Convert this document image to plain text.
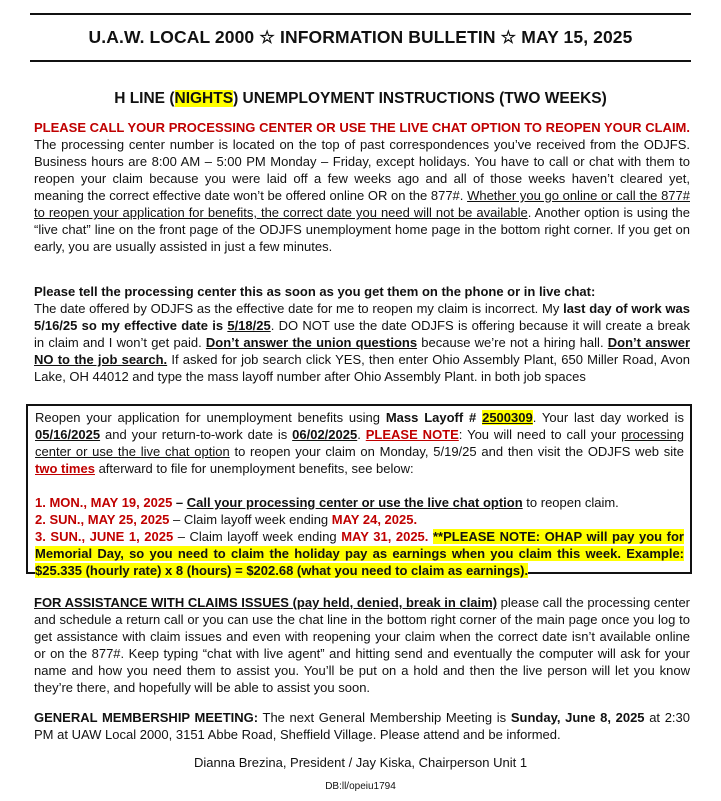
U.A.W. LOCAL 2000 ☆ INFORMATION BULLETIN ☆ MAY 15, 2025
H LINE (NIGHTS) UNEMPLOYMENT INSTRUCTIONS (TWO WEEKS)

PLEASE CALL YOUR PROCESSING CENTER OR USE THE LIVE CHAT OPTION TO REOPEN YOUR CLAIM. The processing center number is located on the top of past correspondences you’ve received from the ODJFS. Business hours are 8:00 AM – 5:00 PM Monday – Friday, except holidays. You have to call or chat with them to reopen your claim because you were laid off a few weeks ago and all of those weeks haven’t cleared yet, meaning the correct effective date won’t be offered online OR on the 877#. Whether you go online or call the 877# to reopen your application for benefits, the correct date you need will not be available. Another option is using the “live chat” line on the front page of the ODJFS unemployment home page in the bottom right corner. If you get on early, you are usually assisted in just a few minutes.

Please tell the processing center this as soon as you get them on the phone or in live chat:
The date offered by ODJFS as the effective date for me to reopen my claim is incorrect. My last day of work was 5/16/25 so my effective date is 5/18/25. DO NOT use the date ODJFS is offering because it will create a break in claim and I won’t get paid. Don’t answer the union questions because we’re not a hiring hall. Don’t answer NO to the job search. If asked for job search click YES, then enter Ohio Assembly Plant, 650 Miller Road, Avon Lake, OH 44012 and type the mass layoff number after Ohio Assembly Plant. in both job spaces

Reopen your application for unemployment benefits using Mass Layoff # 2500309. Your last day worked is 05/16/2025 and your return-to-work date is 06/02/2025. PLEASE NOTE: You will need to call your processing center or use the live chat option to reopen your claim on Monday, 5/19/25 and then visit the ODJFS web site two times afterward to file for unemployment benefits, see below:

1. MON., MAY 19, 2025 – Call your processing center or use the live chat option to reopen claim.

2. SUN., MAY 25, 2025 – Claim layoff week ending MAY 24, 2025.

3. SUN., JUNE 1, 2025 – Claim layoff week ending MAY 31, 2025. **PLEASE NOTE: OHAP will pay you for Memorial Day, so you need to claim the holiday pay as earnings when you claim this week. Example: $25.335 (hourly rate) x 8 (hours) = $202.68 (what you need to claim as earnings).

FOR ASSISTANCE WITH CLAIMS ISSUES (pay held, denied, break in claim) please call the processing center and schedule a return call or you can use the chat line in the bottom right corner of the main page once you log to get assistance with claim issues and even with reopening your claim when the correct date isn’t available online or on the 877#. Keep typing “chat with live agent” and hitting send and eventually the computer will ask for your name and how you need them to assist you. You’ll be put on a hold and then the live person will let you know they’re there, and hopefully will be able to assist you soon.

GENERAL MEMBERSHIP MEETING: The next General Membership Meeting is Sunday, June 8, 2025 at 2:30 PM at UAW Local 2000, 3151 Abbe Road, Sheffield Village. Please attend and be informed.

Dianna Brezina, President / Jay Kiska, Chairperson Unit 1
DB:ll/opeiu1794
